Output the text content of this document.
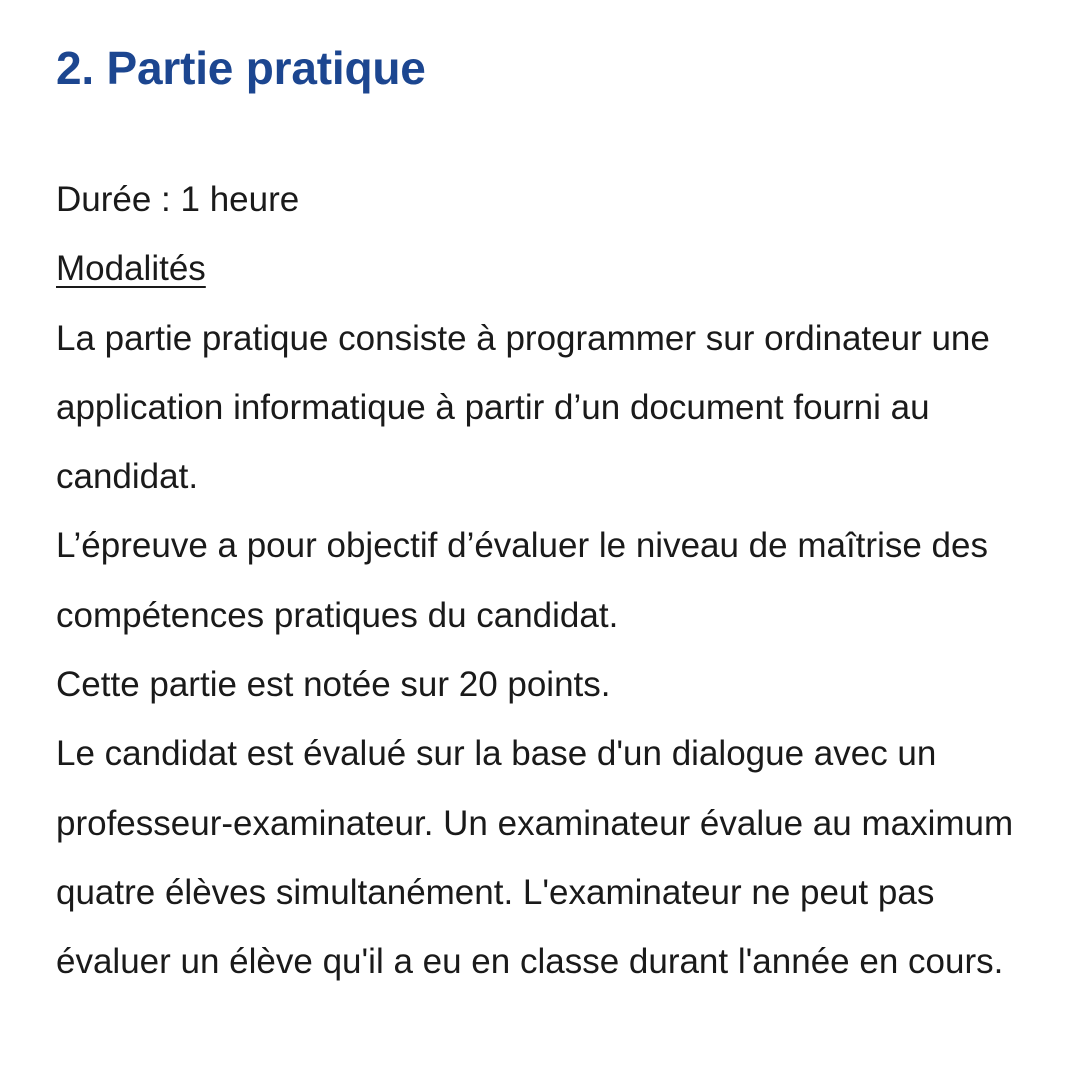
2. Partie pratique

Durée : 1 heure

Modalités

La partie pratique consiste à programmer sur ordinateur une application informatique à partir d’un document fourni au candidat.

L’épreuve a pour objectif d’évaluer le niveau de maîtrise des compétences pratiques du candidat.

Cette partie est notée sur 20 points.

Le candidat est évalué sur la base d'un dialogue avec un professeur-examinateur. Un examinateur évalue au maximum quatre élèves simultanément. L'examinateur ne peut pas évaluer un élève qu'il a eu en classe durant l'année en cours.
